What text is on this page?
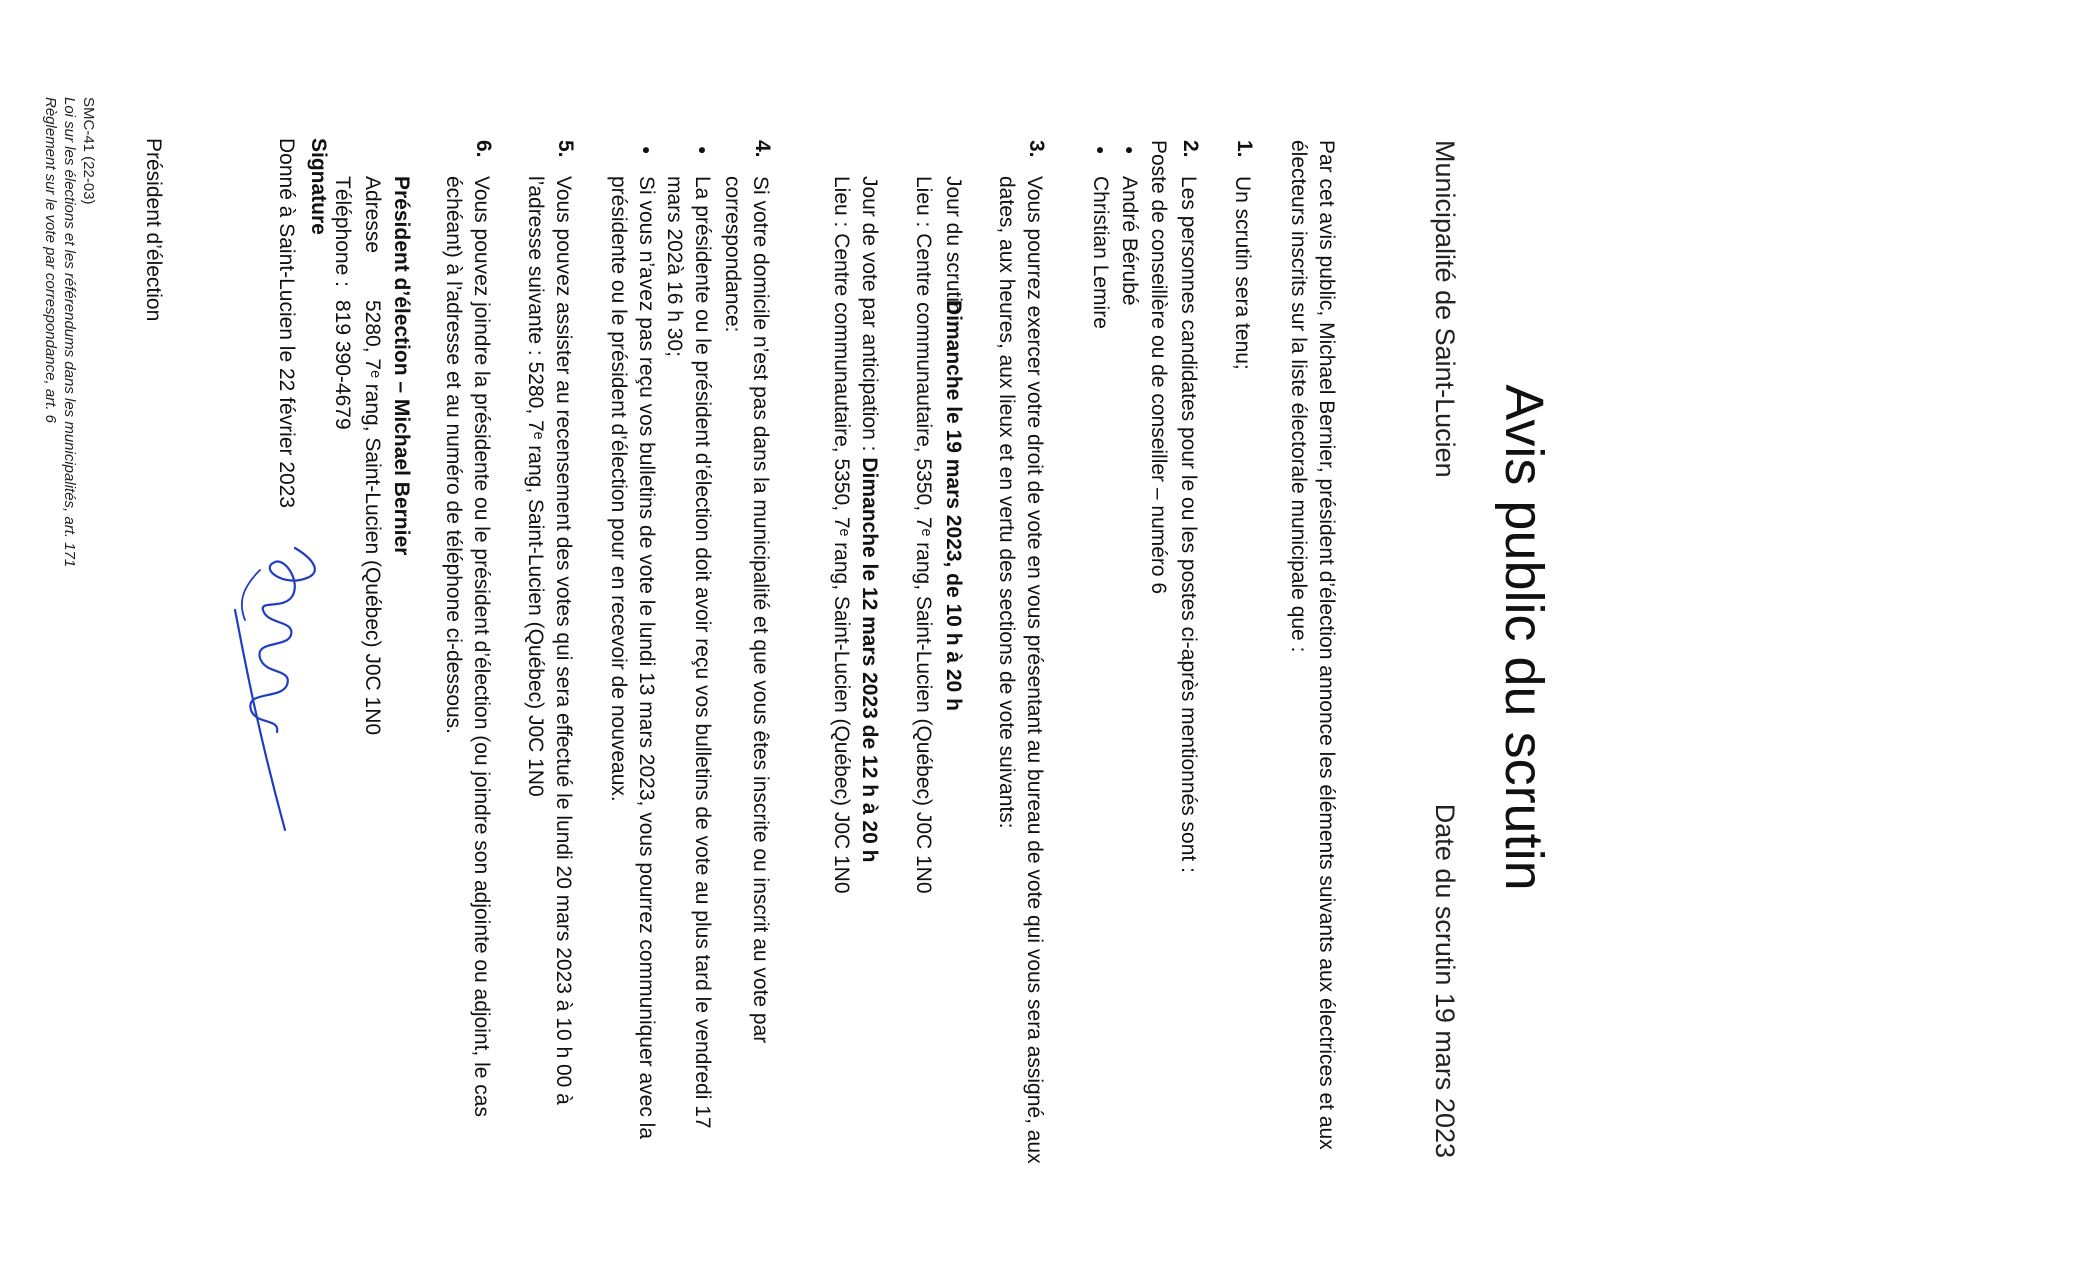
Avis public du scrutin
Municipalité de Saint-Lucien
Date du scrutin 19 mars 2023
Par cet avis public, Michael Bernier, président d’élection annonce les éléments suivants aux électrices et aux électeurs inscrits sur la liste électorale municipale que :
1.
Un scrutin sera tenu;
2.
Les personnes candidates pour le ou les postes ci-après mentionnés sont :
Poste de conseillère ou de conseiller – numéro 6
●
André Bérubé
●
Christian Lemire
3.
Vous pourrez exercer votre droit de vote en vous présentant au bureau de vote qui vous sera assigné, aux dates, aux heures, aux lieux et en vertu des sections de vote suivants:
Jour du scrutin :
Dimanche le 19 mars 2023, de 10 h à 20 h
Lieu : Centre communautaire, 5350, 7ᵉ rang, Saint-Lucien (Québec) J0C 1N0
Jour de vote par anticipation : Dimanche le 12 mars 2023 de 12 h à 20 h
Lieu : Centre communautaire, 5350, 7ᵉ rang, Saint-Lucien (Québec) J0C 1N0
4.
Si votre domicile n’est pas dans la municipalité et que vous êtes inscrite ou inscrit au vote par correspondance:
●
La présidente ou le président d’élection doit avoir reçu vos bulletins de vote au plus tard le vendredi 17 mars 202à 16 h 30;
●
Si vous n’avez pas reçu vos bulletins de vote le lundi 13 mars 2023, vous pourrez communiquer avec la présidente ou le président d’élection pour en recevoir de nouveaux.
5.
Vous pouvez assister au recensement des votes qui sera effectué le lundi 20 mars 2023 à 10 h 00 à l’adresse suivante : 5280, 7ᵉ rang, Saint-Lucien (Québec) J0C 1N0
6.
Vous pouvez joindre la présidente ou le président d’élection (ou joindre son adjointe ou adjoint, le cas échéant) à l’adresse et au numéro de téléphone ci-dessous.
Président d’élection – Michael Bernier
Adresse
5280, 7ᵉ rang, Saint-Lucien (Québec) J0C 1N0
Téléphone :
819 390-4679
Signature
Donné à Saint-Lucien le 22 février 2023
Président d’élection
SMC-41 (22-03)
Loi sur les élections et les référendums dans les municipalités, art. 171
Règlement sur le vote par correspondance, art. 6
